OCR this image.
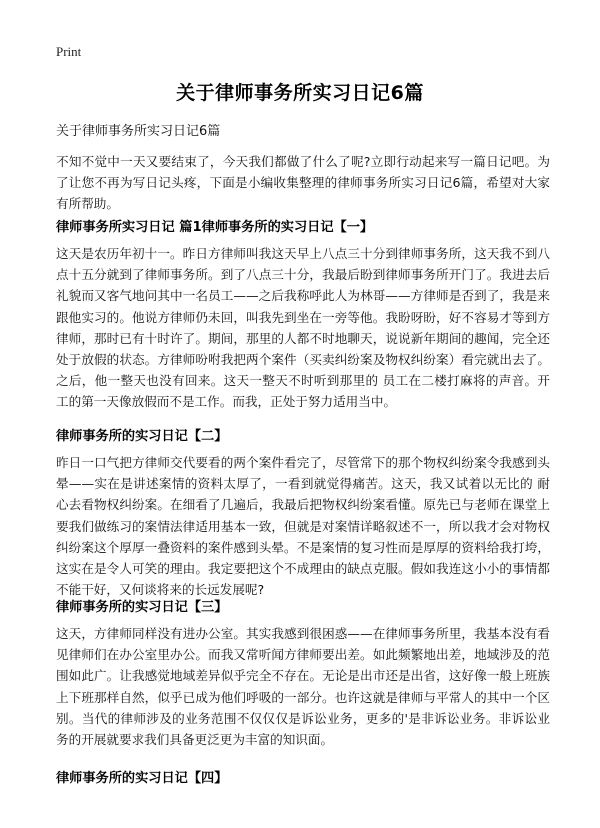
Print
关于律师事务所实习日记6篇
关于律师事务所实习日记6篇

不知不觉中一天又要结束了，今天我们都做了什么了呢?立即行动起来写一篇日记吧。为了让您不再为写日记头疼，下面是小编收集整理的律师事务所实习日记6篇，希望对大家有所帮助。

律师事务所实习日记 篇1律师事务所的实习日记【一】

这天是农历年初十一。昨日方律师叫我这天早上八点三十分到律师事务所，这天我不到八点十五分就到了律师事务所。到了八点三十分，我最后盼到律师事务所开门了。我进去后礼貌而又客气地问其中一名员工——之后我称呼此人为林哥——方律师是否到了，我是来跟他实习的。他说方律师仍未回，叫我先到坐在一旁等他。我盼呀盼，好不容易才等到方律师，那时已有十时许了。期间，那里的人都不时地聊天，说说新年期间的趣闻，完全还处于放假的状态。方律师吩咐我把两个案件（买卖纠纷案及物权纠纷案）看完就出去了。之后，他一整天也没有回来。这天一整天不时听到那里的 员工在二楼打麻将的声音。开工的第一天像放假而不是工作。而我，正处于努力适用当中。

律师事务所的实习日记【二】

昨日一口气把方律师交代要看的两个案件看完了，尽管常下的那个物权纠纷案令我感到头晕——实在是讲述案情的资料太厚了，一看到就觉得痛苦。这天，我又试着以无比的 耐心去看物权纠纷案。在细看了几遍后，我最后把物权纠纷案看懂。原先已与老师在课堂上要我们做练习的案情法律适用基本一致，但就是对案情详略叙述不一，所以我才会对物权纠纷案这个厚厚一叠资料的案件感到头晕。不是案情的复习性而是厚厚的资料给我打垮，这实在是令人可笑的理由。我定要把这个不成理由的缺点克服。假如我连这小小的事情都不能干好，又何谈将来的长远发展呢?

律师事务所的实习日记【三】

这天，方律师同样没有进办公室。其实我感到很困惑——在律师事务所里，我基本没有看见律师们在办公室里办公。而我又常听闻方律师要出差。如此频繁地出差，地域涉及的范围如此广。让我感觉地域差异似乎完全不存在。无论是出市还是出省，这好像一般上班族上下班那样自然，似乎已成为他们呼吸的一部分。也许这就是律师与平常人的其中一个区别。当代的律师涉及的业务范围不仅仅仅是诉讼业务，更多的'是非诉讼业务。非诉讼业务的开展就要求我们具备更泛更为丰富的知识面。

律师事务所的实习日记【四】
